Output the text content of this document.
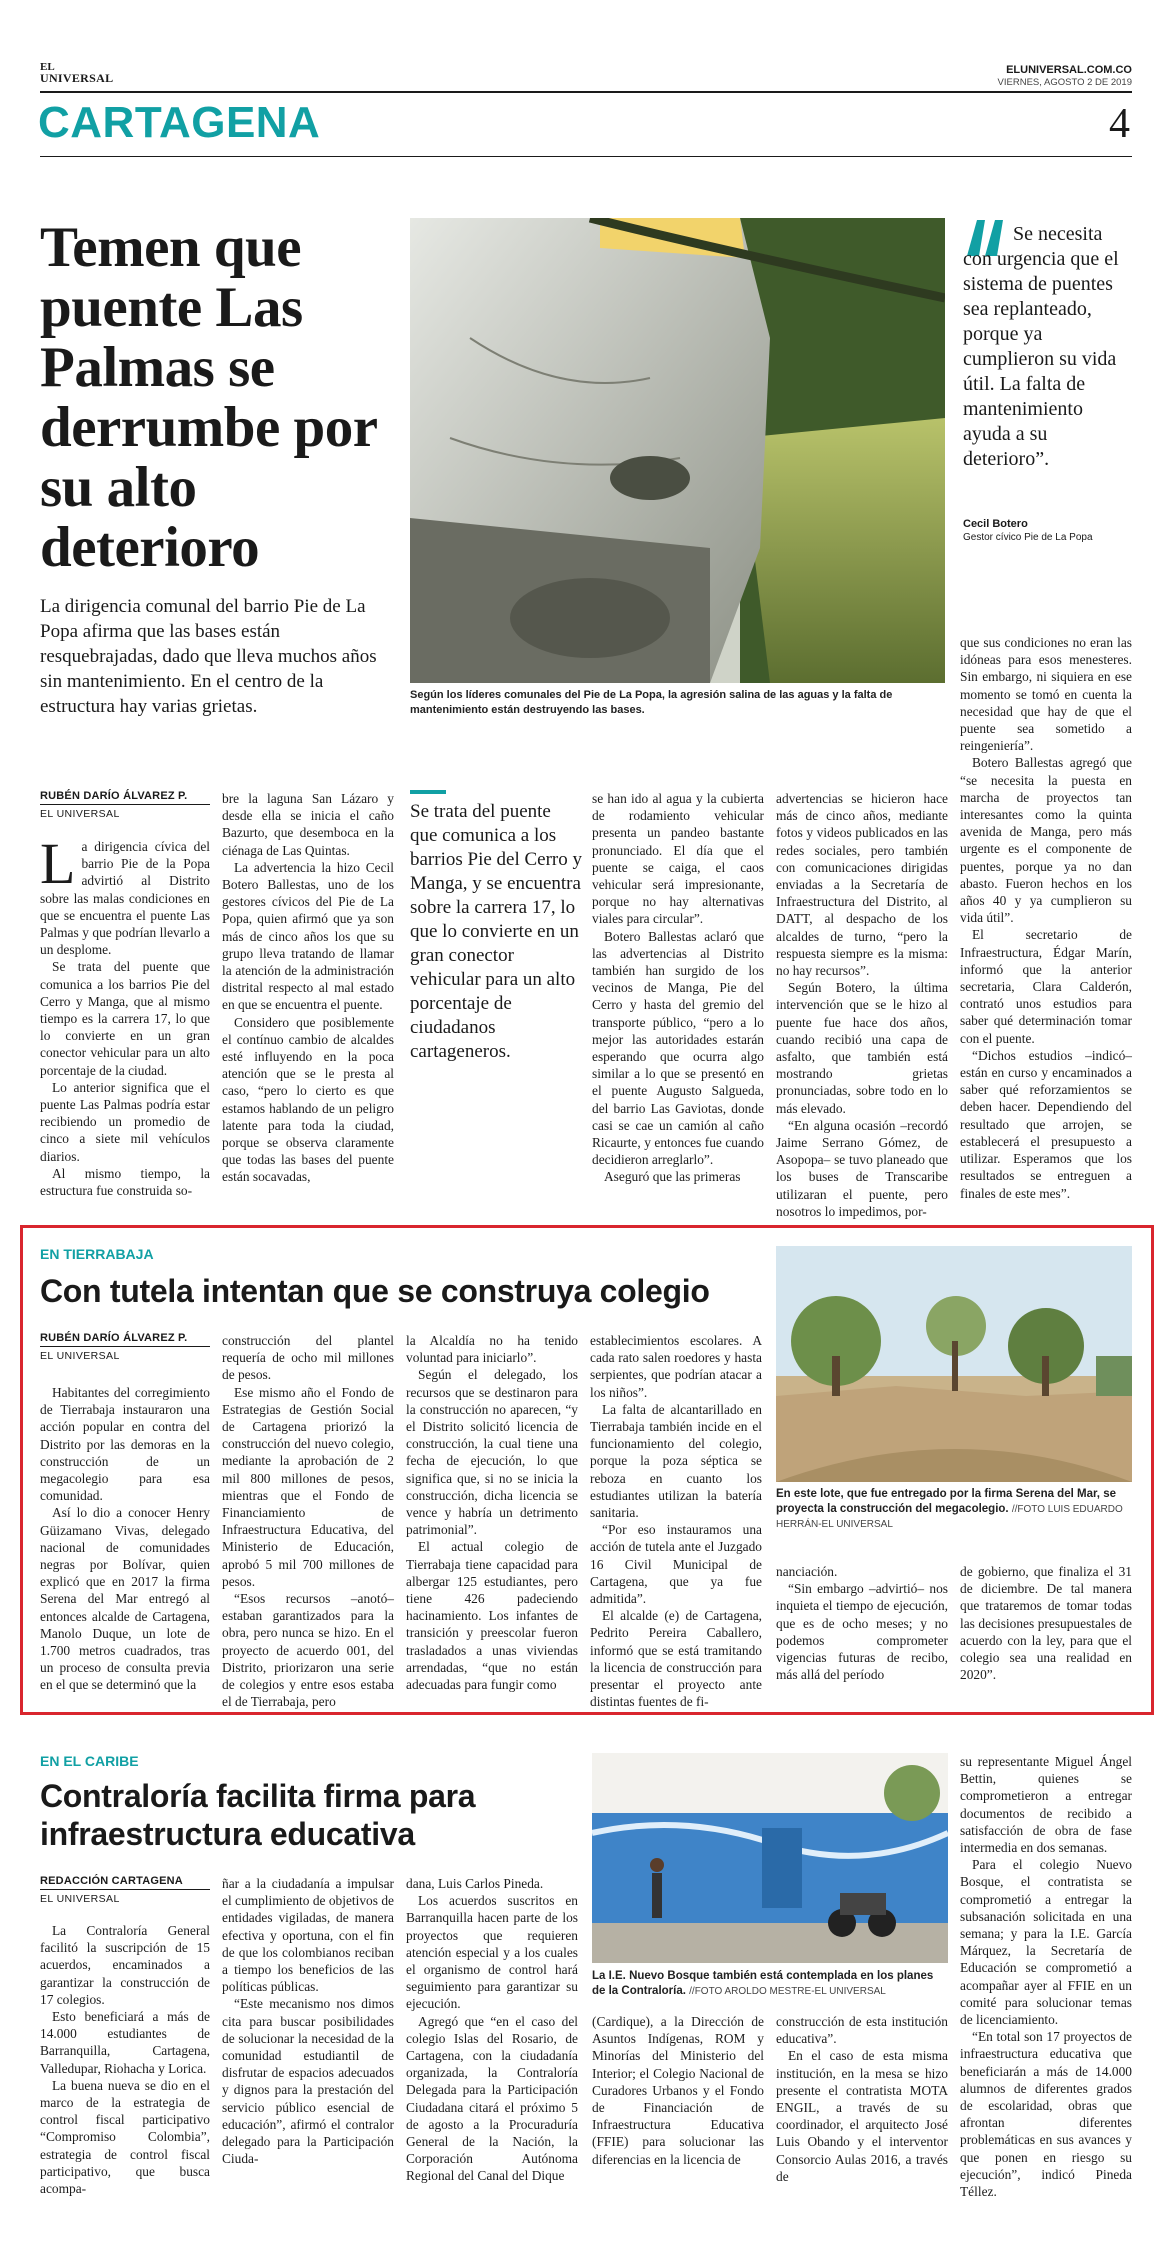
EL
UNIVERSAL
ELUNIVERSAL.COM.CO
VIERNES, AGOSTO 2 DE 2019
CARTAGENA	4
Temen que puente Las Palmas se derrumbe por su alto deterioro

La dirigencia comunal del barrio Pie de La Popa afirma que las bases están resquebrajadas, dado que lleva muchos años sin mantenimiento. En el centro de la estructura hay varias grietas.

Según los líderes comunales del Pie de La Popa, la agresión salina de las aguas y la falta de mantenimiento están destruyendo las bases.

Se necesita con urgencia que el sistema de puentes sea replanteado, porque ya cumplieron su vida útil. La falta de mantenimiento ayuda a su deterioro”.

Cecil Botero
Gestor cívico Pie de La Popa
RUBÉN DARÍO ÁLVAREZ P.
EL UNIVERSAL

La dirigencia cívica del barrio Pie de la Popa advirtió al Distrito sobre las malas condiciones en que se encuentra el puente Las Palmas y que podrían llevarlo a un desplome.

Se trata del puente que comunica a los barrios Pie del Cerro y Manga, que al mismo tiempo es la carrera 17, lo que lo convierte en un gran conector vehicular para un alto porcentaje de la ciudad.

Lo anterior significa que el puente Las Palmas podría estar recibiendo un promedio de cinco a siete mil vehículos diarios.

Al mismo tiempo, la estructura fue construida so-

bre la laguna San Lázaro y desde ella se inicia el caño Bazurto, que desemboca en la ciénaga de Las Quintas.

La advertencia la hizo Cecil Botero Ballestas, uno de los gestores cívicos del Pie de La Popa, quien afirmó que ya son más de cinco años los que su grupo lleva tratando de llamar la atención de la administración distrital respecto al mal estado en que se encuentra el puente.

Considero que posiblemente el contínuo cambio de alcaldes esté influyendo en la poca atención que se le presta al caso, “pero lo cierto es que estamos hablando de un peligro latente para toda la ciudad, porque se observa claramente que todas las bases del puente están socavadas,

Se trata del puente que comunica a los barrios Pie del Cerro y Manga, y se encuentra sobre la carrera 17, lo que lo convierte en un gran conector vehicular para un alto porcentaje de ciudadanos cartageneros.

se han ido al agua y la cubierta de rodamiento vehicular presenta un pandeo bastante pronunciado. El día que el puente se caiga, el caos vehicular será impresionante, porque no hay alternativas viales para circular”.

Botero Ballestas aclaró que las advertencias al Distrito también han surgido de los vecinos de Manga, Pie del Cerro y hasta del gremio del transporte público, “pero a lo mejor las autoridades estarán esperando que ocurra algo similar a lo que se presentó en el puente Augusto Salgueda, del barrio Las Gaviotas, donde casi se cae un camión al caño Ricaurte, y entonces fue cuando decidieron arreglarlo”.

Aseguró que las primeras

advertencias se hicieron hace más de cinco años, mediante fotos y videos publicados en las redes sociales, pero también con comunicaciones dirigidas enviadas a la Secretaría de Infraestructura del Distrito, al DATT, al despacho de los alcaldes de turno, “pero la respuesta siempre es la misma: no hay recursos”.

Según Botero, la última intervención que se le hizo al puente fue hace dos años, cuando recibió una capa de asfalto, que también está mostrando grietas pronunciadas, sobre todo en lo más elevado.

“En alguna ocasión –recordó Jaime Serrano Gómez, de Asopopa– se tuvo planeado que los buses de Transcaribe utilizaran el puente, pero nosotros lo impedimos, por-

que sus condiciones no eran las idóneas para esos menesteres. Sin embargo, ni siquiera en ese momento se tomó en cuenta la necesidad que hay de que el puente sea sometido a reingeniería”.

Botero Ballestas agregó que “se necesita la puesta en marcha de proyectos tan interesantes como la quinta avenida de Manga, pero más urgente es el componente de puentes, porque ya no dan abasto. Fueron hechos en los años 40 y ya cumplieron su vida útil”.

El secretario de Infraestructura, Édgar Marín, informó que la anterior secretaria, Clara Calderón, contrató unos estudios para saber qué determinación tomar con el puente.

“Dichos estudios –indicó– están en curso y encaminados a saber qué reforzamientos se deben hacer. Dependiendo del resultado que arrojen, se establecerá el presupuesto a utilizar. Esperamos que los resultados se entreguen a finales de este mes”.

EN TIERRABAJA
Con tutela intentan que se construya colegio
RUBÉN DARÍO ÁLVAREZ P.
EL UNIVERSAL

Habitantes del corregimiento de Tierrabaja instauraron una acción popular en contra del Distrito por las demoras en la construcción de un megacolegio para esa comunidad.

Así lo dio a conocer Henry Güizamano Vivas, delegado nacional de comunidades negras por Bolívar, quien explicó que en 2017 la firma Serena del Mar entregó al entonces alcalde de Cartagena, Manolo Duque, un lote de 1.700 metros cuadrados, tras un proceso de consulta previa en el que se determinó que la

construcción del plantel requería de ocho mil millones de pesos.

Ese mismo año el Fondo de Estrategias de Gestión Social de Cartagena priorizó la construcción del nuevo colegio, mediante la aprobación de 2 mil 800 millones de pesos, mientras que el Fondo de Financiamiento de Infraestructura Educativa, del Ministerio de Educación, aprobó 5 mil 700 millones de pesos.

“Esos recursos –anotó– estaban garantizados para la obra, pero nunca se hizo. En el proyecto de acuerdo 001, del Distrito, priorizaron una serie de colegios y entre esos estaba el de Tierrabaja, pero

la Alcaldía no ha tenido voluntad para iniciarlo”.

Según el delegado, los recursos que se destinaron para la construcción no aparecen, “y el Distrito solicitó licencia de construcción, la cual tiene una fecha de ejecución, lo que significa que, si no se inicia la construcción, dicha licencia se vence y habría un detrimento patrimonial”.

El actual colegio de Tierrabaja tiene capacidad para albergar 125 estudiantes, pero tiene 426 padeciendo hacinamiento. Los infantes de transición y preescolar fueron trasladados a unas viviendas arrendadas, “que no están adecuadas para fungir como

establecimientos escolares. A cada rato salen roedores y hasta serpientes, que podrían atacar a los niños”.

La falta de alcantarillado en Tierrabaja también incide en el funcionamiento del colegio, porque la poza séptica se reboza en cuanto los estudiantes utilizan la batería sanitaria.

“Por eso instauramos una acción de tutela ante el Juzgado 16 Civil Municipal de Cartagena, que ya fue admitida”.

El alcalde (e) de Cartagena, Pedrito Pereira Caballero, informó que se está tramitando la licencia de construcción para presentar el proyecto ante distintas fuentes de fi-

En este lote, que fue entregado por la firma Serena del Mar, se proyecta la construcción del megacolegio. //FOTO LUIS EDUARDO HERRÁN-EL UNIVERSAL

nanciación.

“Sin embargo –advirtió– nos inquieta el tiempo de ejecución, que es de ocho meses; y no podemos comprometer vigencias futuras de recibo, más allá del período

de gobierno, que finaliza el 31 de diciembre. De tal manera que trataremos de tomar todas las decisiones presupuestales de acuerdo con la ley, para que el colegio sea una realidad en 2020”.

EN EL CARIBE
Contraloría facilita firma para
infraestructura educativa
REDACCIÓN CARTAGENA
EL UNIVERSAL

La Contraloría General facilitó la suscripción de 15 acuerdos, encaminados a garantizar la construcción de 17 colegios.

Esto beneficiará a más de 14.000 estudiantes de Barranquilla, Cartagena, Valledupar, Riohacha y Lorica.

La buena nueva se dio en el marco de la estrategia de control fiscal participativo “Compromiso Colombia”, estrategia de control fiscal participativo, que busca acompa-

ñar a la ciudadanía a impulsar el cumplimiento de objetivos de entidades vigiladas, de manera efectiva y oportuna, con el fin de que los colombianos reciban a tiempo los beneficios de las políticas públicas.

“Este mecanismo nos dimos cita para buscar posibilidades de solucionar la necesidad de la comunidad estudiantil de disfrutar de espacios adecuados y dignos para la prestación del servicio público esencial de educación”, afirmó el contralor delegado para la Participación Ciuda-

dana, Luis Carlos Pineda.

Los acuerdos suscritos en Barranquilla hacen parte de los proyectos que requieren atención especial y a los cuales el organismo de control hará seguimiento para garantizar su ejecución.

Agregó que “en el caso del colegio Islas del Rosario, de Cartagena, con la ciudadanía organizada, la Contraloría Delegada para la Participación Ciudadana citará el próximo 5 de agosto a la Procuraduría General de la Nación, la Corporación Autónoma Regional del Canal del Dique

La I.E. Nuevo Bosque también está contemplada en los planes de la Contraloría. //FOTO AROLDO MESTRE-EL UNIVERSAL

(Cardique), a la Dirección de Asuntos Indígenas, ROM y Minorías del Ministerio del Interior; el Colegio Nacional de Curadores Urbanos y el Fondo de Financiación de Infraestructura Educativa (FFIE) para solucionar las diferencias en la licencia de

construcción de esta institución educativa”.

En el caso de esta misma institución, en la mesa se hizo presente el contratista MOTA ENGIL, a través de su coordinador, el arquitecto José Luis Obando y el interventor Consorcio Aulas 2016, a través de

su representante Miguel Ángel Bettin, quienes se comprometieron a entregar documentos de recibido a satisfacción de obra de fase intermedia en dos semanas.

Para el colegio Nuevo Bosque, el contratista se comprometió a entregar la subsanación solicitada en una semana; y para la I.E. García Márquez, la Secretaría de Educación se comprometió a acompañar ayer al FFIE en un comité para solucionar temas de licenciamiento.

“En total son 17 proyectos de infraestructura educativa que beneficiarán a más de 14.000 alumnos de diferentes grados de escolaridad, obras que afrontan diferentes problemáticas en sus avances y que ponen en riesgo su ejecución”, indicó Pineda Téllez.
